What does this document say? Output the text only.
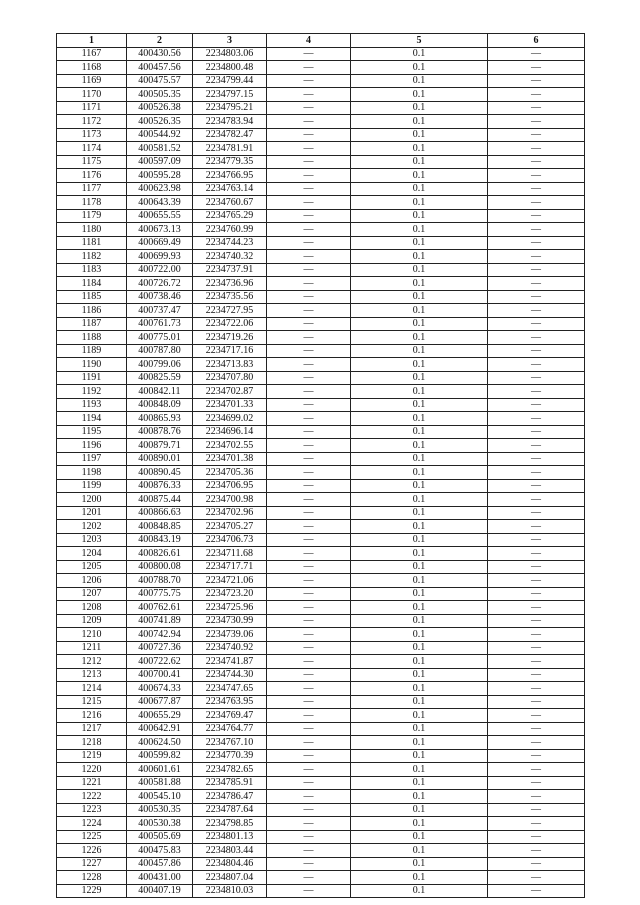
1	2	3	4	5	6
1167	400430.56	2234803.06	—	0.1	—
1168	400457.56	2234800.48	—	0.1	—
1169	400475.57	2234799.44	—	0.1	—
1170	400505.35	2234797.15	—	0.1	—
1171	400526.38	2234795.21	—	0.1	—
1172	400526.35	2234783.94	—	0.1	—
1173	400544.92	2234782.47	—	0.1	—
1174	400581.52	2234781.91	—	0.1	—
1175	400597.09	2234779.35	—	0.1	—
1176	400595.28	2234766.95	—	0.1	—
1177	400623.98	2234763.14	—	0.1	—
1178	400643.39	2234760.67	—	0.1	—
1179	400655.55	2234765.29	—	0.1	—
1180	400673.13	2234760.99	—	0.1	—
1181	400669.49	2234744.23	—	0.1	—
1182	400699.93	2234740.32	—	0.1	—
1183	400722.00	2234737.91	—	0.1	—
1184	400726.72	2234736.96	—	0.1	—
1185	400738.46	2234735.56	—	0.1	—
1186	400737.47	2234727.95	—	0.1	—
1187	400761.73	2234722.06	—	0.1	—
1188	400775.01	2234719.26	—	0.1	—
1189	400787.80	2234717.16	—	0.1	—
1190	400799.06	2234713.83	—	0.1	—
1191	400825.59	2234707.80	—	0.1	—
1192	400842.11	2234702.87	—	0.1	—
1193	400848.09	2234701.33	—	0.1	—
1194	400865.93	2234699.02	—	0.1	—
1195	400878.76	2234696.14	—	0.1	—
1196	400879.71	2234702.55	—	0.1	—
1197	400890.01	2234701.38	—	0.1	—
1198	400890.45	2234705.36	—	0.1	—
1199	400876.33	2234706.95	—	0.1	—
1200	400875.44	2234700.98	—	0.1	—
1201	400866.63	2234702.96	—	0.1	—
1202	400848.85	2234705.27	—	0.1	—
1203	400843.19	2234706.73	—	0.1	—
1204	400826.61	2234711.68	—	0.1	—
1205	400800.08	2234717.71	—	0.1	—
1206	400788.70	2234721.06	—	0.1	—
1207	400775.75	2234723.20	—	0.1	—
1208	400762.61	2234725.96	—	0.1	—
1209	400741.89	2234730.99	—	0.1	—
1210	400742.94	2234739.06	—	0.1	—
1211	400727.36	2234740.92	—	0.1	—
1212	400722.62	2234741.87	—	0.1	—
1213	400700.41	2234744.30	—	0.1	—
1214	400674.33	2234747.65	—	0.1	—
1215	400677.87	2234763.95	—	0.1	—
1216	400655.29	2234769.47	—	0.1	—
1217	400642.91	2234764.77	—	0.1	—
1218	400624.50	2234767.10	—	0.1	—
1219	400599.82	2234770.39	—	0.1	—
1220	400601.61	2234782.65	—	0.1	—
1221	400581.88	2234785.91	—	0.1	—
1222	400545.10	2234786.47	—	0.1	—
1223	400530.35	2234787.64	—	0.1	—
1224	400530.38	2234798.85	—	0.1	—
1225	400505.69	2234801.13	—	0.1	—
1226	400475.83	2234803.44	—	0.1	—
1227	400457.86	2234804.46	—	0.1	—
1228	400431.00	2234807.04	—	0.1	—
1229	400407.19	2234810.03	—	0.1	—
